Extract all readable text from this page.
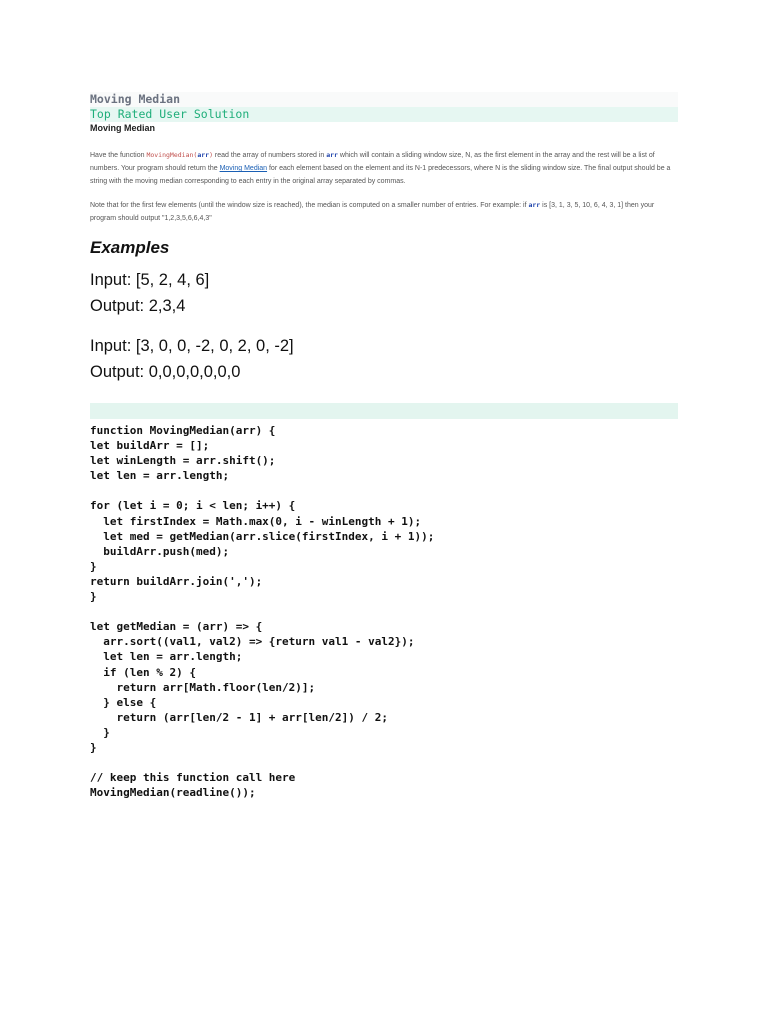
Moving Median
Top Rated User Solution
Moving Median

Have the function MovingMedian(arr) read the array of numbers stored in arr which will contain a sliding window size, N, as the first element in the array and the rest will be a list of numbers. Your program should return the Moving Median for each element based on the element and its N-1 predecessors, where N is the sliding window size. The final output should be a string with the moving median corresponding to each entry in the original array separated by commas.

Note that for the first few elements (until the window size is reached), the median is computed on a smaller number of entries. For example: if arr is [3, 1, 3, 5, 10, 6, 4, 3, 1] then your program should output "1,2,3,5,6,6,4,3"

Examples
Input: [5, 2, 4, 6]
Output: 2,3,4
Input: [3, 0, 0, -2, 0, 2, 0, -2]
Output: 0,0,0,0,0,0,0
function MovingMedian(arr) {
let buildArr = [];
let winLength = arr.shift();
let len = arr.length;

for (let i = 0; i < len; i++) {
let firstIndex = Math.max(0, i - winLength + 1);
let med = getMedian(arr.slice(firstIndex, i + 1));
buildArr.push(med);
}
return buildArr.join(',');
}

let getMedian = (arr) => {
arr.sort((val1, val2) => {return val1 - val2});
let len = arr.length;
if (len % 2) {
return arr[Math.floor(len/2)];
} else {
return (arr[len/2 - 1] + arr[len/2]) / 2;
}
}

// keep this function call here
MovingMedian(readline());
